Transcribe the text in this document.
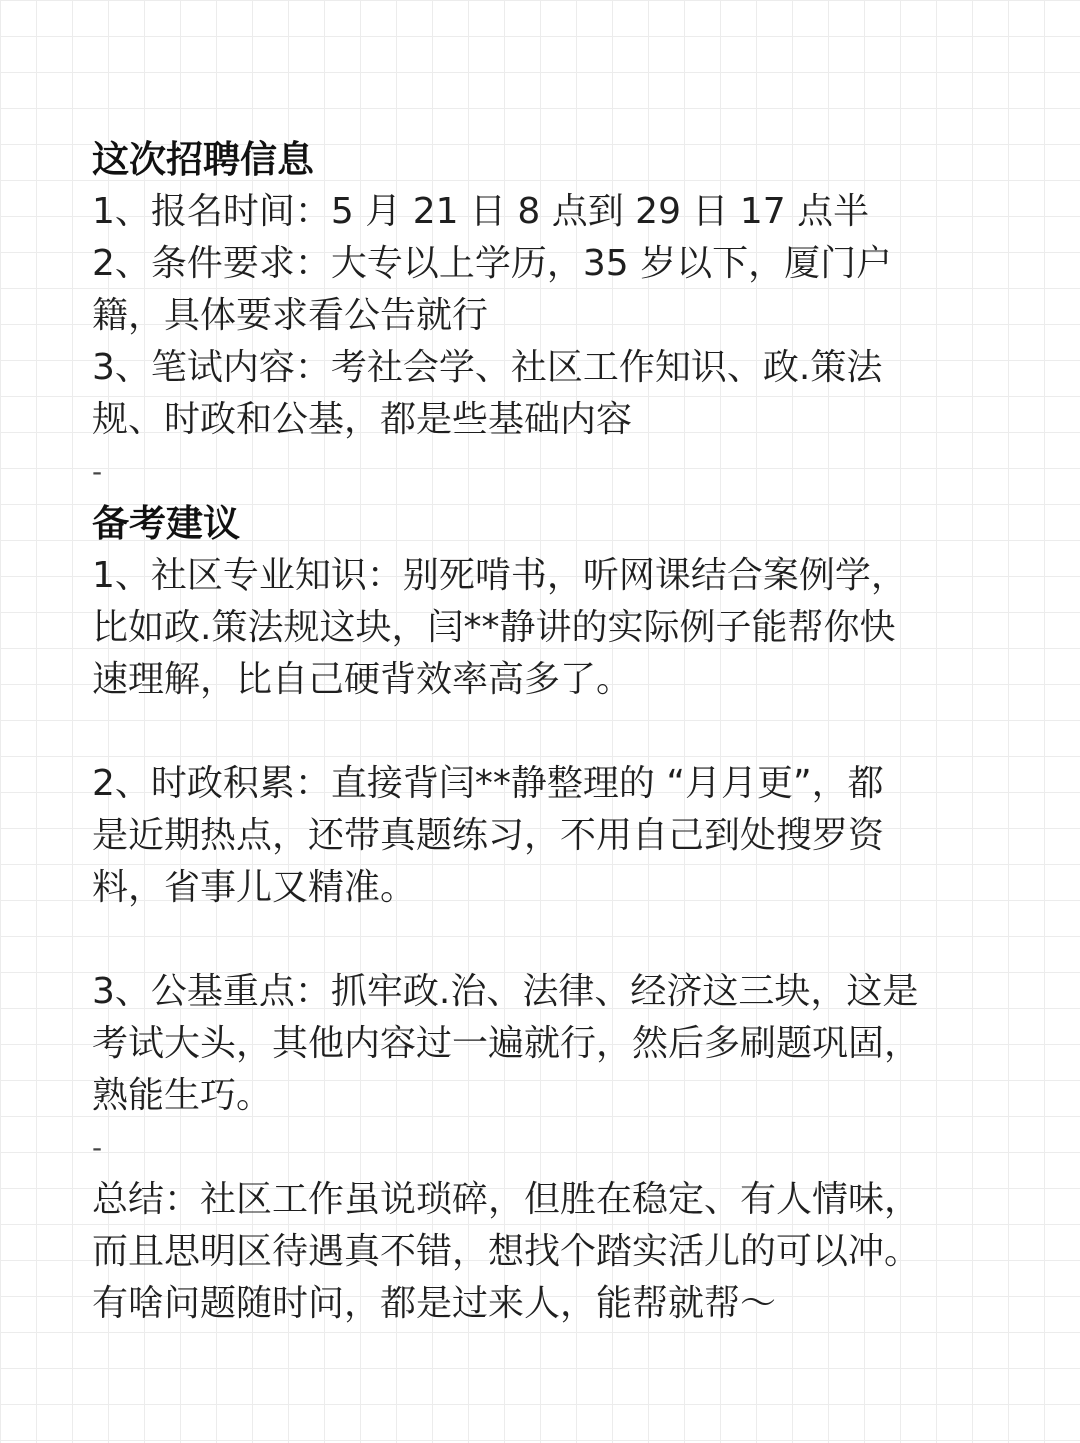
这次招聘信息
1、报名时间：5 月 21 日 8 点到 29 日 17 点半
2、条件要求：大专以上学历，35 岁以下，厦门户
籍，具体要求看公告就行
3、笔试内容：考社会学、社区工作知识、政.策法
规、时政和公基，都是些基础内容
-
备考建议
1、社区专业知识：别死啃书，听网课结合案例学，
比如政.策法规这块，闫**静讲的实际例子能帮你快
速理解，比自己硬背效率高多了。
2、时政积累：直接背闫**静整理的 “月月更”，都
是近期热点，还带真题练习，不用自己到处搜罗资
料，省事儿又精准。
3、公基重点：抓牢政.治、法律、经济这三块，这是
考试大头，其他内容过一遍就行，然后多刷题巩固，
熟能生巧。
-
总结：社区工作虽说琐碎，但胜在稳定、有人情味，
而且思明区待遇真不错，想找个踏实活儿的可以冲。
有啥问题随时问，都是过来人，能帮就帮～
